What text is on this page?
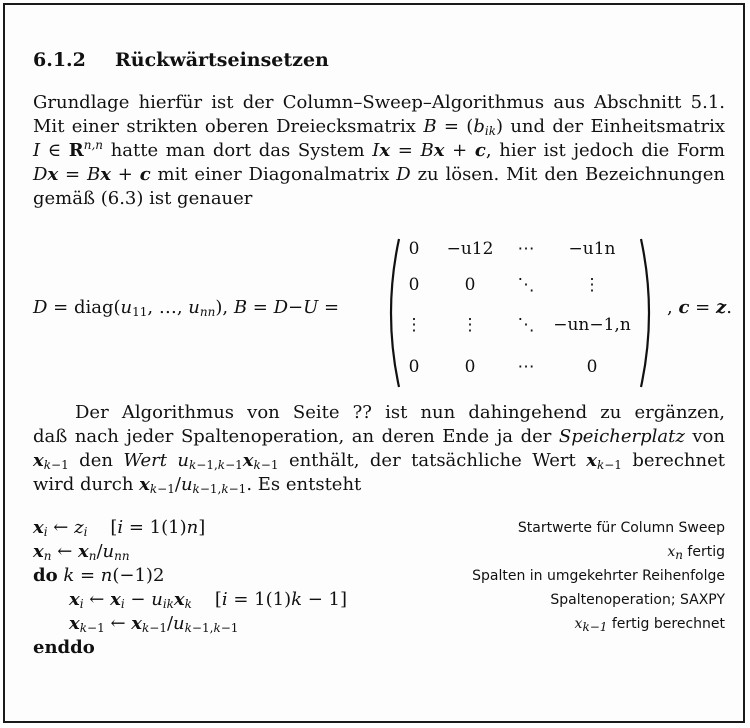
6.1.2 Rückwärtseinsetzen
Grundlage hierfür ist der Column–Sweep–Algorithmus aus Abschnitt 5.1.
Mit einer strikten oberen Dreiecksmatrix $B = (b_{ik})$ und der Einheitsmatrix
I ∈ R$^{n,n}$ hatte man dort das System Ix = Bx + c, hier ist jedoch die Form
Dx = Bx + c mit einer Diagonalmatrix D zu lösen. Mit den Bezeichnungen
gemäß (6.3) ist genauer
$D = diag(u_{11}$, …, $u_{nn}$), B = D−U =
0	−u12	⋯	−u1n
0	0	⋱	⋮
⋮	⋮	⋱	−un−1,n
0	0	⋯	0
, c = z.
Der Algorithmus von Seite ?? ist nun dahingehend zu ergänzen,
daß nach jeder Spaltenoperation, an deren Ende ja der Speicherplatz von
$x_{k-1}$ den Wert $u_{k-1,k-1}x_{k-1}$ enthält, der tatsächliche Wert $x_{k-1}$ berechnet
wird durch $x_{k-1}/u_{k-1,k-1}$. Es entsteht
$x_i$ ← $z_i$    [i = 1(1)n]	Startwerte für Column Sweep
$x_n$ ← $x_n/u_{nn}$	$x_n$ fertig
do k = n(−1)2	Spalten in umgekehrter Reihenfolge
$x_i$ ← $x_i - u_{ik}x_k$    [i = 1(1)k − 1]	Spaltenoperation; SAXPY
$x_{k-1}$ ← $x_{k-1}/u_{k-1,k-1}$	$x_{k-1}$ fertig berechnet
enddo
